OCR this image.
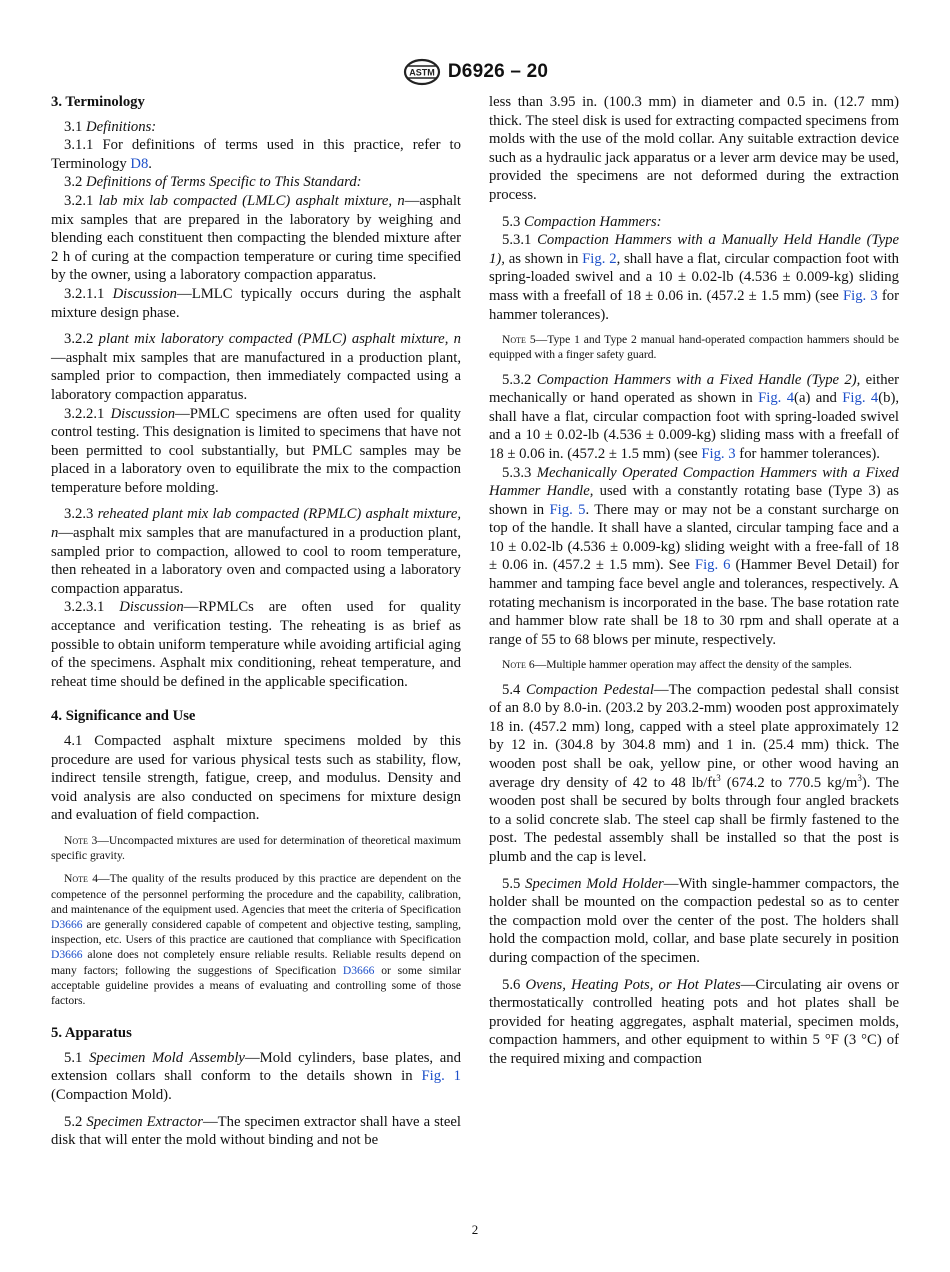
ASTM D6926 – 20
3. Terminology

3.1 Definitions:

3.1.1 For definitions of terms used in this practice, refer to Terminology D8.

3.2 Definitions of Terms Specific to This Standard:

3.2.1 lab mix lab compacted (LMLC) asphalt mixture, n—asphalt mix samples that are prepared in the laboratory by weighing and blending each constituent then compacting the blended mixture after 2 h of curing at the compaction temperature or curing time specified by the owner, using a laboratory compaction apparatus.

3.2.1.1 Discussion—LMLC typically occurs during the asphalt mixture design phase.

3.2.2 plant mix laboratory compacted (PMLC) asphalt mixture, n—asphalt mix samples that are manufactured in a production plant, sampled prior to compaction, then immediately compacted using a laboratory compaction apparatus.

3.2.2.1 Discussion—PMLC specimens are often used for quality control testing. This designation is limited to specimens that have not been permitted to cool substantially, but PMLC samples may be placed in a laboratory oven to equilibrate the mix to the compaction temperature before molding.

3.2.3 reheated plant mix lab compacted (RPMLC) asphalt mixture, n—asphalt mix samples that are manufactured in a production plant, sampled prior to compaction, allowed to cool to room temperature, then reheated in a laboratory oven and compacted using a laboratory compaction apparatus.

3.2.3.1 Discussion—RPMLCs are often used for quality acceptance and verification testing. The reheating is as brief as possible to obtain uniform temperature while avoiding artificial aging of the specimens. Asphalt mix conditioning, reheat temperature, and reheat time should be defined in the applicable specification.

4. Significance and Use

4.1 Compacted asphalt mixture specimens molded by this procedure are used for various physical tests such as stability, flow, indirect tensile strength, fatigue, creep, and modulus. Density and void analysis are also conducted on specimens for mixture design and evaluation of field compaction.

Note 3—Uncompacted mixtures are used for determination of theoretical maximum specific gravity.
Note 4—The quality of the results produced by this practice are dependent on the competence of the personnel performing the procedure and the capability, calibration, and maintenance of the equipment used. Agencies that meet the criteria of Specification D3666 are generally considered capable of competent and objective testing, sampling, inspection, etc. Users of this practice are cautioned that compliance with Specification D3666 alone does not completely ensure reliable results. Reliable results depend on many factors; following the suggestions of Specification D3666 or some similar acceptable guideline provides a means of evaluating and controlling some of those factors.
5. Apparatus

5.1 Specimen Mold Assembly—Mold cylinders, base plates, and extension collars shall conform to the details shown in Fig. 1 (Compaction Mold).

5.2 Specimen Extractor—The specimen extractor shall have a steel disk that will enter the mold without binding and not be

less than 3.95 in. (100.3 mm) in diameter and 0.5 in. (12.7 mm) thick. The steel disk is used for extracting compacted specimens from molds with the use of the mold collar. Any suitable extraction device such as a hydraulic jack apparatus or a lever arm device may be used, provided the specimens are not deformed during the extraction process.

5.3 Compaction Hammers:

5.3.1 Compaction Hammers with a Manually Held Handle (Type 1), as shown in Fig. 2, shall have a flat, circular compaction foot with spring-loaded swivel and a 10 ± 0.02-lb (4.536 ± 0.009-kg) sliding mass with a freefall of 18 ± 0.06 in. (457.2 ± 1.5 mm) (see Fig. 3 for hammer tolerances).

Note 5—Type 1 and Type 2 manual hand-operated compaction hammers should be equipped with a finger safety guard.

5.3.2 Compaction Hammers with a Fixed Handle (Type 2), either mechanically or hand operated as shown in Fig. 4(a) and Fig. 4(b), shall have a flat, circular compaction foot with spring-loaded swivel and a 10 ± 0.02-lb (4.536 ± 0.009-kg) sliding mass with a freefall of 18 ± 0.06 in. (457.2 ± 1.5 mm) (see Fig. 3 for hammer tolerances).

5.3.3 Mechanically Operated Compaction Hammers with a Fixed Hammer Handle, used with a constantly rotating base (Type 3) as shown in Fig. 5. There may or may not be a constant surcharge on top of the handle. It shall have a slanted, circular tamping face and a 10 ± 0.02-lb (4.536 ± 0.009-kg) sliding weight with a free-fall of 18 ± 0.06 in. (457.2 ± 1.5 mm). See Fig. 6 (Hammer Bevel Detail) for hammer and tamping face bevel angle and tolerances, respectively. A rotating mechanism is incorporated in the base. The base rotation rate and hammer blow rate shall be 18 to 30 rpm and shall operate at a range of 55 to 68 blows per minute, respectively.

Note 6—Multiple hammer operation may affect the density of the samples.

5.4 Compaction Pedestal—The compaction pedestal shall consist of an 8.0 by 8.0-in. (203.2 by 203.2-mm) wooden post approximately 18 in. (457.2 mm) long, capped with a steel plate approximately 12 by 12 in. (304.8 by 304.8 mm) and 1 in. (25.4 mm) thick. The wooden post shall be oak, yellow pine, or other wood having an average dry density of 42 to 48 $lb/ft^3$ (674.2 to 770.5 $kg/m^3$). The wooden post shall be secured by bolts through four angled brackets to a solid concrete slab. The steel cap shall be firmly fastened to the post. The pedestal assembly shall be installed so that the post is plumb and the cap is level.

5.5 Specimen Mold Holder—With single-hammer compactors, the holder shall be mounted on the compaction pedestal so as to center the compaction mold over the center of the post. The holders shall hold the compaction mold, collar, and base plate securely in position during compaction of the specimen.

5.6 Ovens, Heating Pots, or Hot Plates—Circulating air ovens or thermostatically controlled heating pots and hot plates shall be provided for heating aggregates, asphalt material, specimen molds, compaction hammers, and other equipment to within 5 °F (3 °C) of the required mixing and compaction

2
